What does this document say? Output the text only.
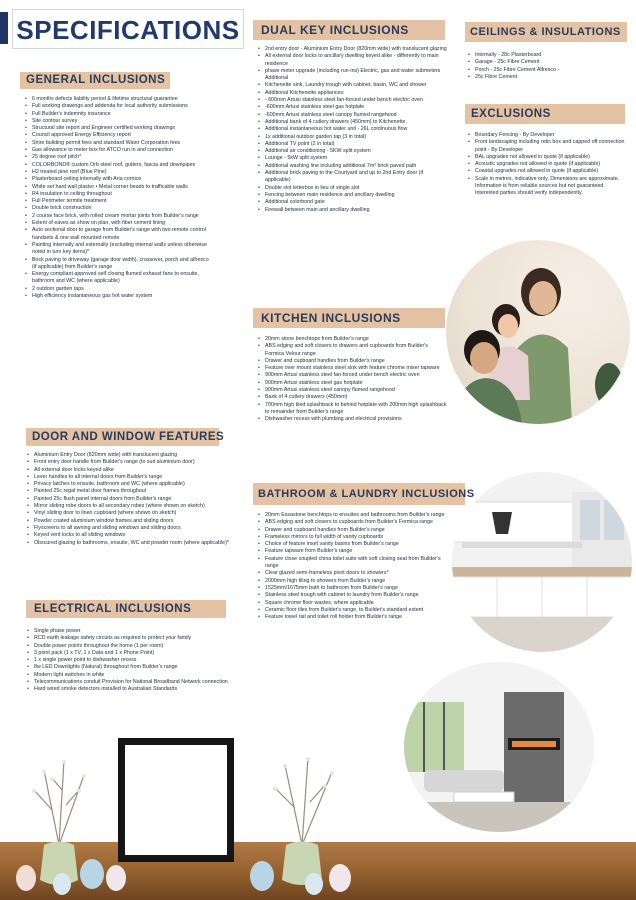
SPECIFICATIONS
GENERAL INCLUSIONS
• 6 months defects liability period & lifetime structural guarantee
• Full working drawings and addenda for local authority submissions
• Full Builder's indemnity insurance
• Site contour survey
• Structural site report and Engineer certified working drawings
• Council approved Energy Efficiency report
• Shire building permit fees and standard Water Corporation fees
• Gas allowance to meter box for ATCO run in and connection
• 25 degree roof pitch*
• COLORBOND® custom Orb steel roof, gutters, fascia and downpipes
• H2 treated pine roof (Blue Pine)
• Plasterboard ceiling internally with Aria cornice
• White set hard wall plaster • Metal corner beads to trafficable walls
• R4 insulation to ceiling throughout
• Full Perimeter termite treatment
• Double brick construction
• 2 course face brick, with rolled cream mortar joints from Builder's range
• Extent of eaves as show on plan, with fiber cement lining
• Auto sectional door to garage from Builder's range with two remote control handsets & one wall mounted remote
• Painting internally and externally (excluding internal walls unless otherwise noted in turn key items)*
• Brick paving to driveway (garage door width), crossover, porch and alfresco (if applicable) from Builder's range
• Energy compliant approved self closing flumed exhaust fans to ensuite, bathroom and WC (where applicable)
• 2 outdoor garden taps
• High efficiency instantaneous gas hot water system
DOOR AND WINDOW FEATURES
• Aluminium Entry Door (820mm wide) with translucent glazing
• Front entry door handle from Builder's range (to suit aluminium door)
• All external door locks keyed alike
• Lever handles to all internal doors from Builder's range
• Privacy latches to ensuite, bathroom and WC (where applicable)
• Painted 25c regal metal door frames throughout
• Painted 25c flush panel internal doors from Builder's range
• Mirror sliding robe doors to all secondary robes (where shown on sketch)
• Vinyl sliding door to linen cupboard (where shown on sketch)
• Powder coated aluminium window frames and sliding doors
• Flyscreens to all awning and sliding windows and sliding doors
• Keyed vent locks to all sliding windows
• Obscured glazing to bathrooms, ensuite, WC and powder room (where applicable)*
ELECTRICAL INCLUSIONS
• Single phase power
• RCD earth leakage safety circuits as required to protect your family
• Double power points throughout the home (1 per room)
• 3 point pack (1 x TV, 1 x Data and 1 x Phone Point)
• 1 x single power point to dishwasher recess
• 8w LED Downlights (Natural) throughout from Builder's range
• Modern light switches in white
• Telecommunications conduit Provision for National Broadband Network connection
• Hard wired smoke detectors installed to Australian Standards
DUAL KEY INCLUSIONS
• 2nd entry door - Aluminium Entry Door (820mm wide) with translucent glazing
• All external door locks to ancillary dwelling keyed alike - differently to main residence
• phase meter upgrade (including run-ins) Electric, gas and water submeters Additional
• Kitchenette sink, Laundry trough with cabinet, basin, WC and shower
• Additional Kitchenette appliances:
• - 600mm Artusi stainless steel fan-forced under bench electric oven
• -600mm Artusi stainless steel gas hotplate
• -600mm Artusi stainless steel canopy flumed rangehood
• Additional bank of 4 cutlery drawers (450mm) to Kitchenette
• Additional instantaneous hot water unit - 26L continuous flow
• 1x additional outdoor garden tap (3 in total)
• Additional TV point (2 in total)
• Additional air conditioning - 5KW split system
• Lounge - 5kW split system
• Additional washing line including additional 7m² brick paved path
• Additional brick paving to the Courtyard and up to 2nd Entry door (if applicable)
• Double slot letterbox in lieu of single slot
• Fencing between main residence and ancillary dwelling
• Additional colorbond gate
• Firewall between main and ancillary dwelling
KITCHEN INCLUSIONS
• 20mm stone benchtops from Builder's range
• ABS edging and soft closers to drawers and cupboards from Builder's Formica Velour range
• Drawer and cupboard handles from Builder's range
• Feature over mount stainless steel sink with feature chrome mixer tapware
• 900mm Artusi stainless steel fan-forced under bench electric oven
• 900mm Artusi stainless steel gas hotplate
• 900mm Artusi stainless steel canopy flumed rangehood
• Bank of 4 cutlery drawers (450mm)
• 700mm high tiled splashback to behind hotplate with 200mm high splashback to remainder from Builder's range
• Dishwasher recess with plumbing and electrical provisions
BATHROOM & LAUNDRY INCLUSIONS
• 20mm Essastone benchtops to ensuites and bathrooms from Builder's range
• ABS edging and soft closers to cupboards from Builder's Formica range
• Drawer and cupboard handles from Builder's range
• Frameless mirrors to full width of vanity cupboards
• Choice of feature inset vanity basins from Builder's range
• Feature tapware from Builder's range
• Feature close coupled china toilet suite with soft closing seat from Builder's range
• Clear glazed semi-frameless pivot doors to showers*
• 2000mm high tiling to showers from Builder's range
• 1525mm/1675mm bath to bathroom from Builder's range
• Stainless steel trough with cabinet to laundry from Builder's range
• Square chrome floor wastes, where applicable
• Ceramic floor tiles from Builder's range, to Builder's standard extent
• Feature towel rail and toilet roll holder from Builder's range
CEILINGS & INSULATIONS
• Internally - 28c Plasterboard
• Garage - 25c Fibre Cement
• Porch - 25c Fibre Cement Alfresco -
• 25c Fibre Cement
EXCLUSIONS
• Boundary Fencing - By Developer
• Front landscaping including retic box and capped off connection point - By Developer
• BAL upgrades not allowed in quote (if applicable)
• Acoustic upgrades not allowed in quote (if applicable)
• Coastal upgrades not allowed in quote (if applicable)
• Scale in metres, indicative only. Dimensions are approximate. Information is from reliable sources but not guaranteed. Interested parties should verify independently.
